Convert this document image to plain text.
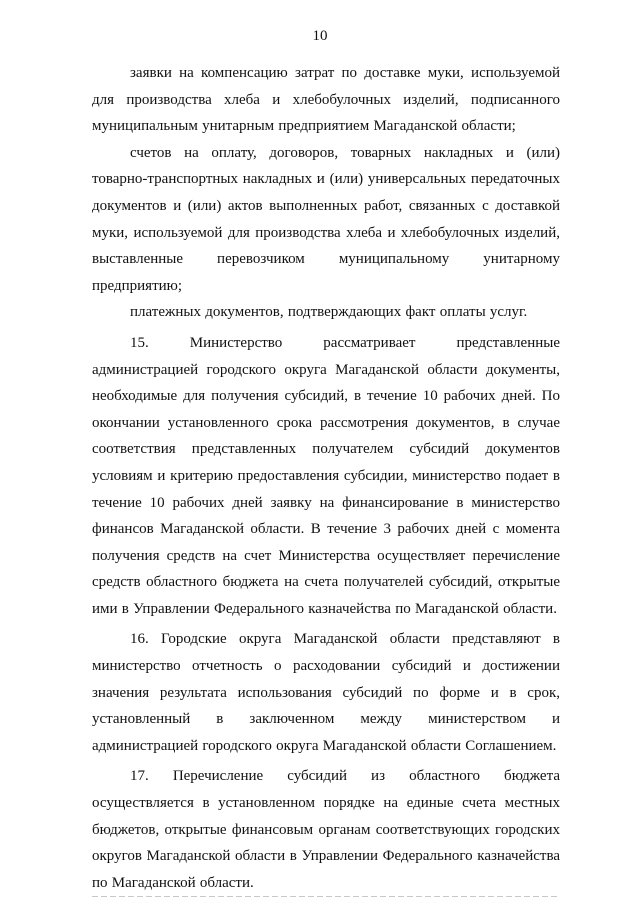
10

заявки на компенсацию затрат по доставке муки, используемой для производства хлеба и хлебобулочных изделий, подписанного муниципальным унитарным предприятием Магаданской области;

счетов на оплату, договоров, товарных накладных и (или) товарно-транспортных накладных и (или) универсальных передаточных документов и (или) актов выполненных работ, связанных с доставкой муки, используемой для производства хлеба и хлебобулочных изделий, выставленные перевозчиком муниципальному унитарному предприятию;

платежных документов, подтверждающих факт оплаты услуг.

15. Министерство рассматривает представленные администрацией городского округа Магаданской области документы, необходимые для получения субсидий, в течение 10 рабочих дней. По окончании установленного срока рассмотрения документов, в случае соответствия представленных получателем субсидий документов условиям и критерию предоставления субсидии, министерство подает в течение 10 рабочих дней заявку на финансирование в министерство финансов Магаданской области. В течение 3 рабочих дней с момента получения средств на счет Министерства осуществляет перечисление средств областного бюджета на счета получателей субсидий, открытые ими в Управлении Федерального казначейства по Магаданской области.

16. Городские округа Магаданской области представляют в министерство отчетность о расходовании субсидий и достижении значения результата использования субсидий по форме и в срок, установленный в заключенном между министерством и администрацией городского округа Магаданской области Соглашением.

17. Перечисление субсидий из областного бюджета осуществляется в установленном порядке на единые счета местных бюджетов, открытые финансовым органам соответствующих городских округов Магаданской области в Управлении Федерального казначейства по Магаданской области.
